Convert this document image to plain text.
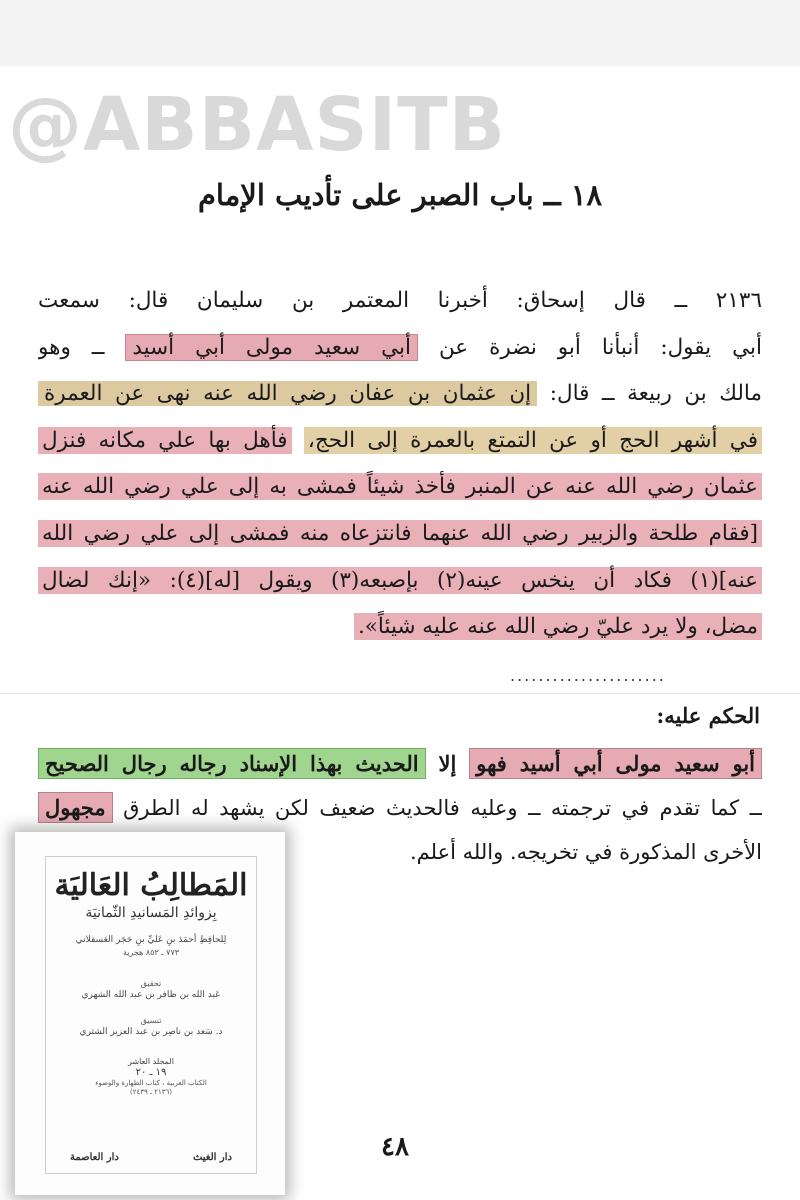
@ABBASITB
١٨ ــ باب الصبر على تأديب الإمام
٢١٣٦ ــ قال إسحاق: أخبرنا المعتمر بن سليمان قال: سمعت
أبي يقول: أنبأنا أبو نضرة عن أبي سعيد مولى أبي أسيد ــ وهو
مالك بن ربيعة ــ قال: إن عثمان بن عفان رضي الله عنه نهى عن العمرة
في أشهر الحج أو عن التمتع بالعمرة إلى الحج، فأهل بها علي مكانه فنزل
عثمان رضي الله عنه عن المنبر فأخذ شيئاً فمشى به إلى علي رضي الله عنه
[فقام طلحة والزبير رضي الله عنهما فانتزعاه منه فمشى إلى علي رضي الله
عنه](١) فكاد أن ينخس عينه(٢) بإصبعه(٣) ويقول [له](٤): «إنك لضال
مضل، ولا يرد عليّ رضي الله عنه عليه شيئاً».
......................
الحكم عليه:
أبو سعيد مولى أبي أسيد فهو إلا الحديث بهذا الإسناد رجاله رجال الصحيح
ــ كما تقدم في ترجمته ــ وعليه فالحديث ضعيف لكن يشهد له الطرق مجهول
الأخرى المذكورة في تخريجه. والله أعلم.
المَطالِبُ العَاليَة
بِزوائدِ المَسانيدِ الثّمانيَة
لِلحافِظِ أحمَدَ بنِ عَليِّ بنِ حَجَر العَسقلاني
٧٧٣ ـ ٨٥٢ هجرية
تحقيق
عَبد الله بن ظافر بن عبد الله الشهري
تنسيق
د. سَعد بن ناصِر بن عبد العزيز الشثري
المجلد العاشر
١٩ ـ ٢٠
الكتاب العربية ، كتاب الطهارة والوضوء
(٢١٣٦ ـ ٢٤٣٩)
دار الغيث
دار العاصمة	٤٨
